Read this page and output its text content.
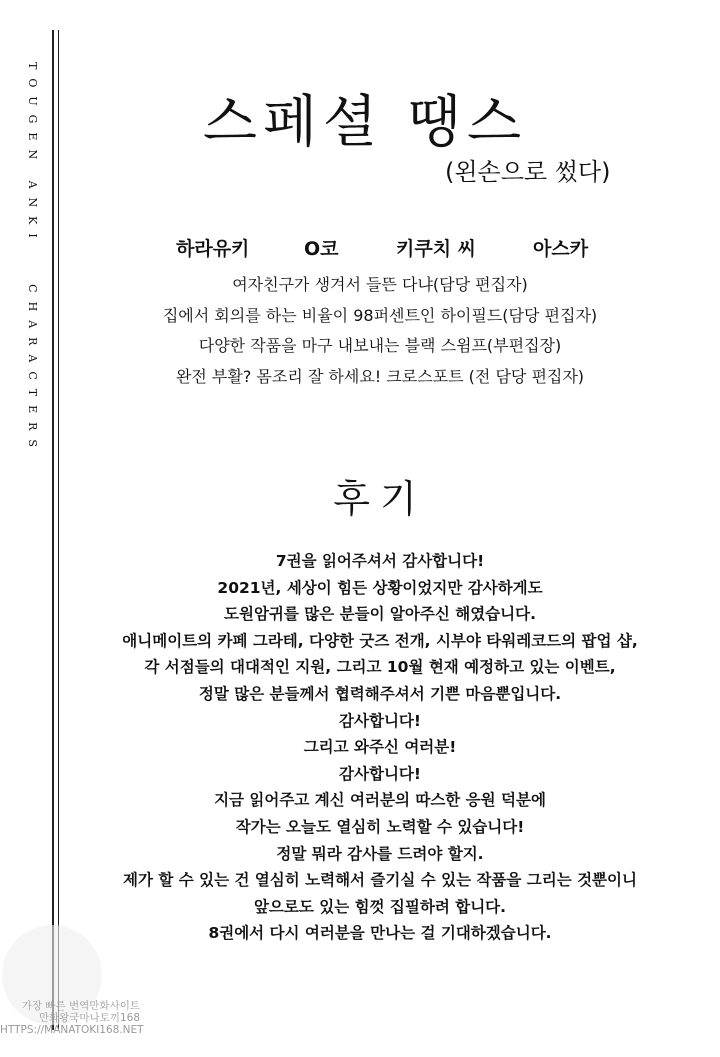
TOUGEN ANKI   CHARACTERS	스페셜 땡스
(왼손으로 썼다)
하라유키	O코	키쿠치 씨	아스카
여자친구가 생겨서 들뜬 다냐(담당 편집자)
집에서 회의를 하는 비율이 98퍼센트인 하이필드(담당 편집자)
다양한 작품을 마구 내보내는 블랙 스윔프(부편집장)
완전 부활? 몸조리 잘 하세요! 크로스포트 (전 담당 편집자)
후기
7권을 읽어주셔서 감사합니다!
2021년, 세상이 힘든 상황이었지만 감사하게도
도원암귀를 많은 분들이 알아주신 해였습니다.
애니메이트의 카페 그라테, 다양한 굿즈 전개, 시부야 타워레코드의 팝업 샵,
각 서점들의 대대적인 지원, 그리고 10월 현재 예정하고 있는 이벤트,
정말 많은 분들께서 협력해주셔서 기쁜 마음뿐입니다.
감사합니다!
그리고 와주신 여러분!
감사합니다!
지금 읽어주고 계신 여러분의 따스한 응원 덕분에
작가는 오늘도 열심히 노력할 수 있습니다!
정말 뭐라 감사를 드려야 할지.
제가 할 수 있는 건 열심히 노력해서 즐기실 수 있는 작품을 그리는 것뿐이니
앞으로도 있는 힘껏 집필하려 합니다.
8권에서 다시 여러분을 만나는 걸 기대하겠습니다.
가장 빠른 번역만화사이트
만화왕국마나토끼168
HTTPS://MANATOKI168.NET
